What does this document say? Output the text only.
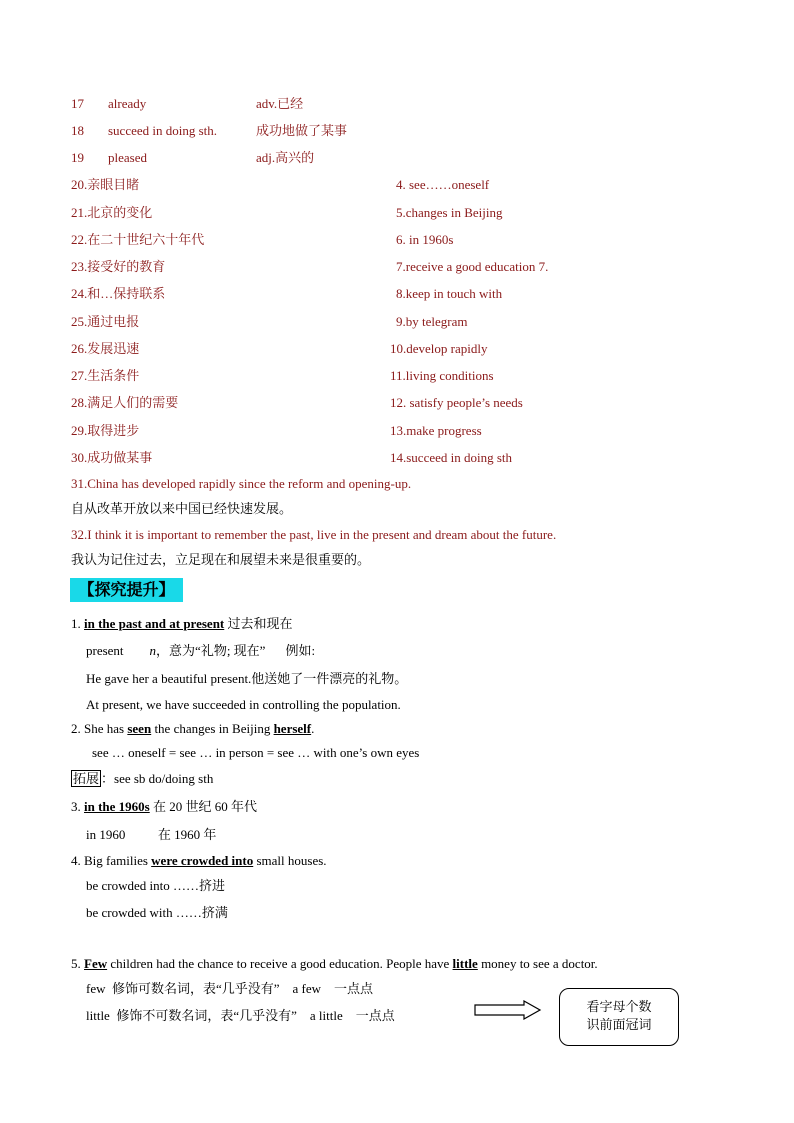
17 already	adv.已经
18 succeed in doing sth.	成功地做了某事
19 pleased	adj.高兴的
20.亲眼目睹	4. see……oneself
21.北京的变化	5.changes in Beijing
22.在二十世纪六十年代	6. in 1960s
23.接受好的教育	7.receive a good education 7.
24.和…保持联系	8.keep in touch with
25.通过电报	9.by telegram
26.发展迅速	10.develop rapidly
27.生活条件	11.living conditions
28.满足人们的需要	12. satisfy people’s needs
29.取得进步	13.make progress
30.成功做某事	14.succeed in doing sth
31.China has developed rapidly since the reform and opening-up.
自从改革开放以来中国已经快速发展。
32.I think it is important to remember the past, live in the present and dream about the future.
我认为记住过去，立足现在和展望未来是很重要的。
【探究提升】
1. in the past and at present 过去和现在
present n，意为“礼物; 现在” 例如:
He gave her a beautiful present.他送她了一件漂亮的礼物。
At present, we have succeeded in controlling the population.
2. She has seen the changes in Beijing herself.
see … oneself = see … in person = see … with one’s own eyes
拓展 ：see sb do/doing sth
3. in the 1960s 在 20 世纪 60 年代
in 1960          在 1960 年
4. Big families were crowded into small houses.
be crowded into ……挤进
be crowded with ……挤满
5. Few children had the chance to receive a good education. People have little money to see a doctor.
few  修饰可数名词，表“几乎没有”    a few    一点点
little  修饰不可数名词，表“几乎没有”    a little    一点点
看字母个数
识前面冠词
